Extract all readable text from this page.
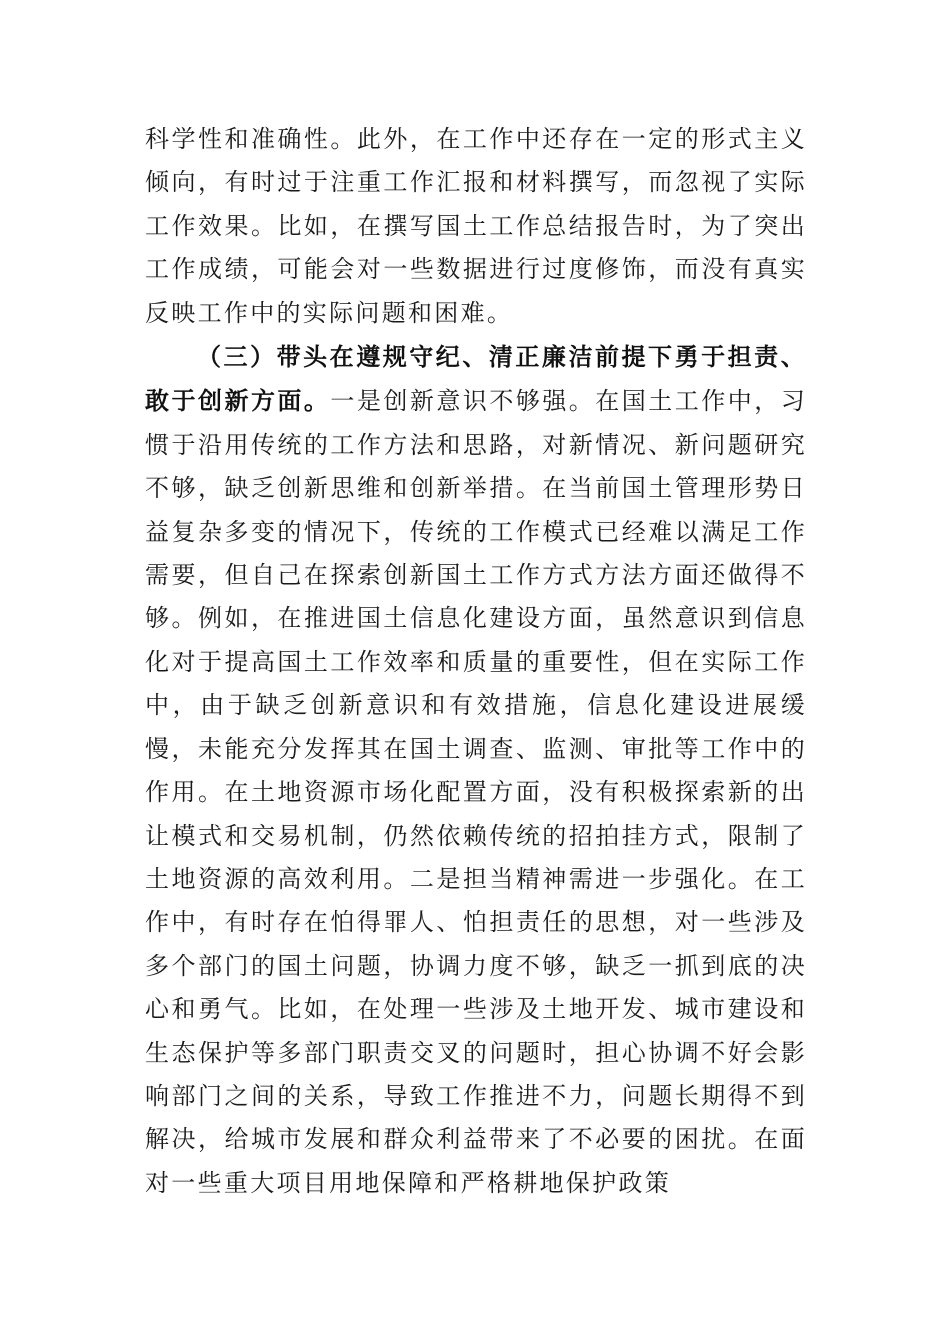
科学性和准确性。此外，在工作中还存在一定的形式主义倾向，有时过于注重工作汇报和材料撰写，而忽视了实际工作效果。比如，在撰写国土工作总结报告时，为了突出工作成绩，可能会对一些数据进行过度修饰，而没有真实反映工作中的实际问题和困难。

（三）带头在遵规守纪、清正廉洁前提下勇于担责、敢于创新方面。一是创新意识不够强。在国土工作中，习惯于沿用传统的工作方法和思路，对新情况、新问题研究不够，缺乏创新思维和创新举措。在当前国土管理形势日益复杂多变的情况下，传统的工作模式已经难以满足工作需要，但自己在探索创新国土工作方式方法方面还做得不够。例如，在推进国土信息化建设方面，虽然意识到信息化对于提高国土工作效率和质量的重要性，但在实际工作中，由于缺乏创新意识和有效措施，信息化建设进展缓慢，未能充分发挥其在国土调查、监测、审批等工作中的作用。在土地资源市场化配置方面，没有积极探索新的出让模式和交易机制，仍然依赖传统的招拍挂方式，限制了土地资源的高效利用。二是担当精神需进一步强化。在工作中，有时存在怕得罪人、怕担责任的思想，对一些涉及多个部门的国土问题，协调力度不够，缺乏一抓到底的决心和勇气。比如，在处理一些涉及土地开发、城市建设和生态保护等多部门职责交叉的问题时，担心协调不好会影响部门之间的关系，导致工作推进不力，问题长期得不到解决，给城市发展和群众利益带来了不必要的困扰。在面对一些重大项目用地保障和严格耕地保护政策
